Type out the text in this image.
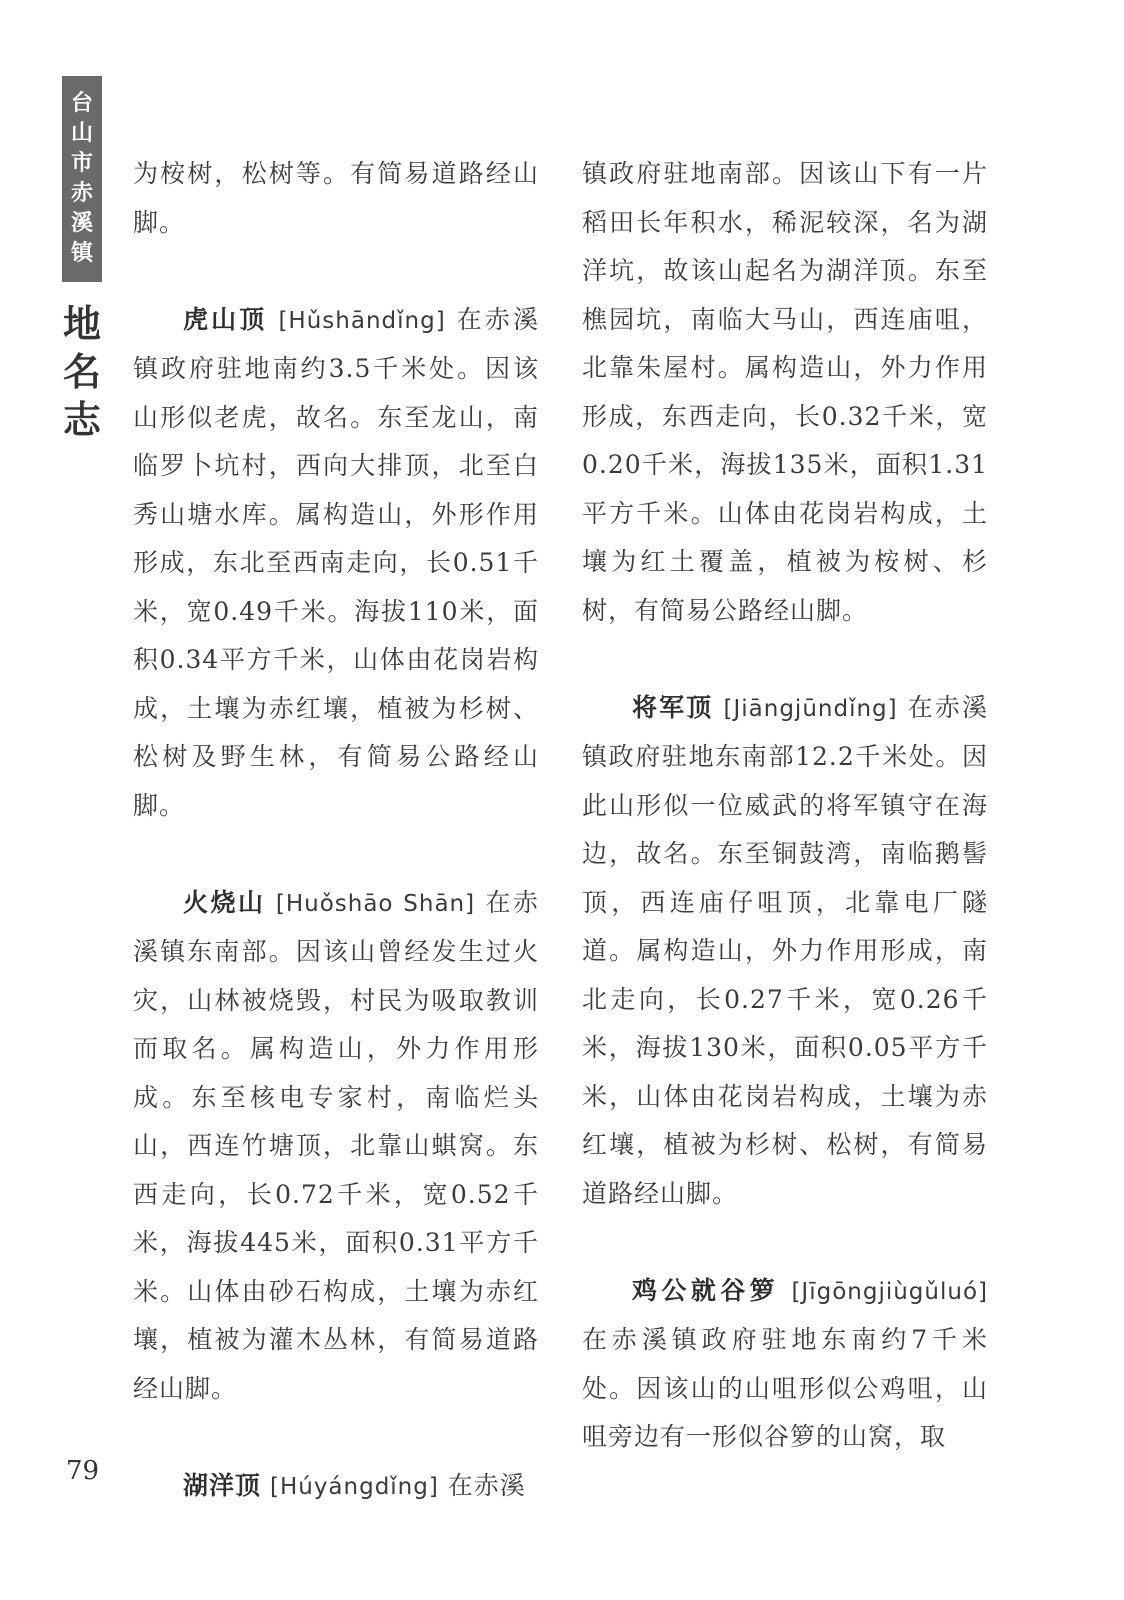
台山市赤溪镇
地名志

为桉树，松树等。有简易道路经山脚。

虎山顶 [Hǔshāndǐng] 在赤溪镇政府驻地南约3.5千米处。因该山形似老虎，故名。东至龙山，南临罗卜坑村，西向大排顶，北至白秀山塘水库。属构造山，外形作用形成，东北至西南走向，长0.51千米，宽0.49千米。海拔110米，面积0.34平方千米，山体由花岗岩构成，土壤为赤红壤，植被为杉树、松树及野生林，有简易公路经山脚。

火烧山 [Huǒshāo Shān] 在赤溪镇东南部。因该山曾经发生过火灾，山林被烧毁，村民为吸取教训而取名。属构造山，外力作用形成。东至核电专家村，南临烂头山，西连竹塘顶，北靠山蜞窝。东西走向，长0.72千米，宽0.52千米，海拔445米，面积0.31平方千米。山体由砂石构成，土壤为赤红壤，植被为灌木丛林，有简易道路经山脚。

湖洋顶 [Húyángdǐng] 在赤溪

镇政府驻地南部。因该山下有一片稻田长年积水，稀泥较深，名为湖洋坑，故该山起名为湖洋顶。东至樵园坑，南临大马山，西连庙咀，北靠朱屋村。属构造山，外力作用形成，东西走向，长0.32千米，宽0.20千米，海拔135米，面积1.31平方千米。山体由花岗岩构成，土壤为红土覆盖，植被为桉树、杉树，有简易公路经山脚。

将军顶 [Jiāngjūndǐng] 在赤溪镇政府驻地东南部12.2千米处。因此山形似一位威武的将军镇守在海边，故名。东至铜鼓湾，南临鹅髻顶，西连庙仔咀顶，北靠电厂隧道。属构造山，外力作用形成，南北走向，长0.27千米，宽0.26千米，海拔130米，面积0.05平方千米，山体由花岗岩构成，土壤为赤红壤，植被为杉树、松树，有简易道路经山脚。

鸡公就谷箩 [Jīgōngjiùgǔluó] 在赤溪镇政府驻地东南约7千米处。因该山的山咀形似公鸡咀，山咀旁边有一形似谷箩的山窝，取

79
